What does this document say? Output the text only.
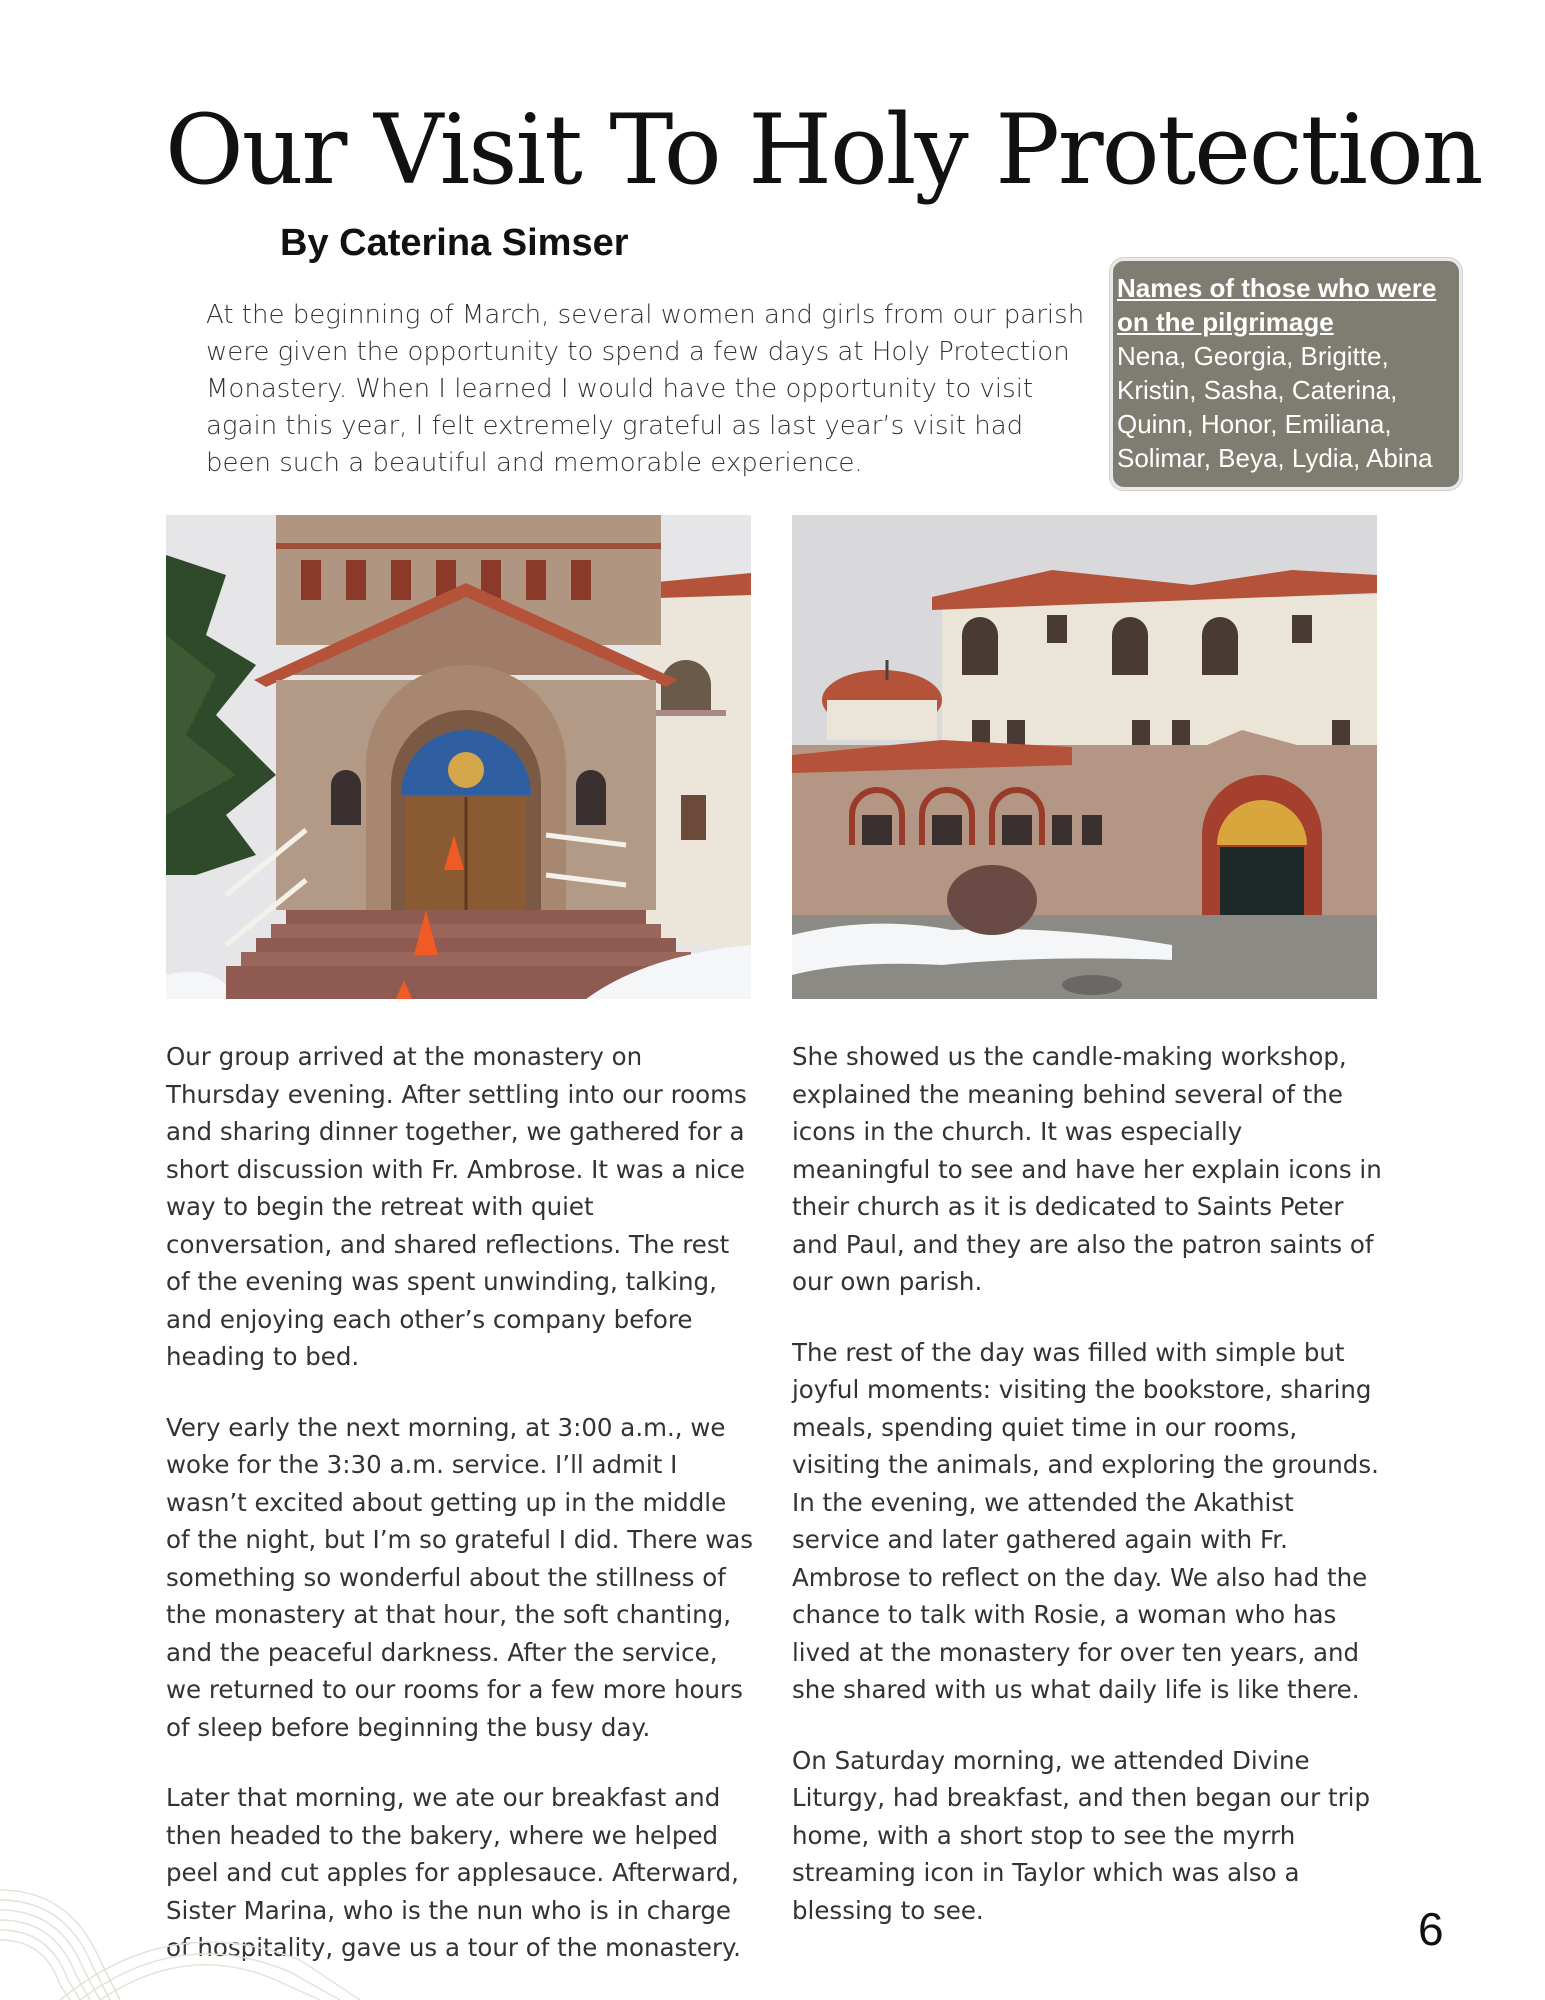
Our Visit To Holy Protection
By Caterina Simser

At the beginning of March, several women and girls from our parish were given the opportunity to spend a few days at Holy Protection Monastery. When I learned I would have the opportunity to visit again this year, I felt extremely grateful as last year’s visit had been such a beautiful and memorable experience.

Names of those who were on the pilgrimage
Nena, Georgia, Brigitte, Kristin, Sasha, Caterina, Quinn, Honor, Emiliana, Solimar, Beya, Lydia, Abina

Our group arrived at the monastery on Thursday evening. After settling into our rooms and sharing dinner together, we gathered for a short discussion with Fr. Ambrose. It was a nice way to begin the retreat with quiet conversation, and shared reflections. The rest of the evening was spent unwinding, talking, and enjoying each other’s company before heading to bed.

Very early the next morning, at 3:00 a.m., we woke for the 3:30 a.m. service. I’ll admit I wasn’t excited about getting up in the middle of the night, but I’m so grateful I did. There was something so wonderful about the stillness of the monastery at that hour, the soft chanting, and the peaceful darkness. After the service, we returned to our rooms for a few more hours of sleep before beginning the busy day.

Later that morning, we ate our breakfast and then headed to the bakery, where we helped peel and cut apples for applesauce. Afterward, Sister Marina, who is the nun who is in charge of hospitality, gave us a tour of the monastery.

She showed us the candle-making workshop, explained the meaning behind several of the icons in the church. It was especially meaningful to see and have her explain icons in their church as it is dedicated to Saints Peter and Paul, and they are also the patron saints of our own parish.

The rest of the day was filled with simple but joyful moments: visiting the bookstore, sharing meals, spending quiet time in our rooms, visiting the animals, and exploring the grounds. In the evening, we attended the Akathist service and later gathered again with Fr. Ambrose to reflect on the day. We also had the chance to talk with Rosie, a woman who has lived at the monastery for over ten years, and she shared with us what daily life is like there.

On Saturday morning, we attended Divine Liturgy, had breakfast, and then began our trip home, with a short stop to see the myrrh streaming icon in Taylor which was also a blessing to see.	6
